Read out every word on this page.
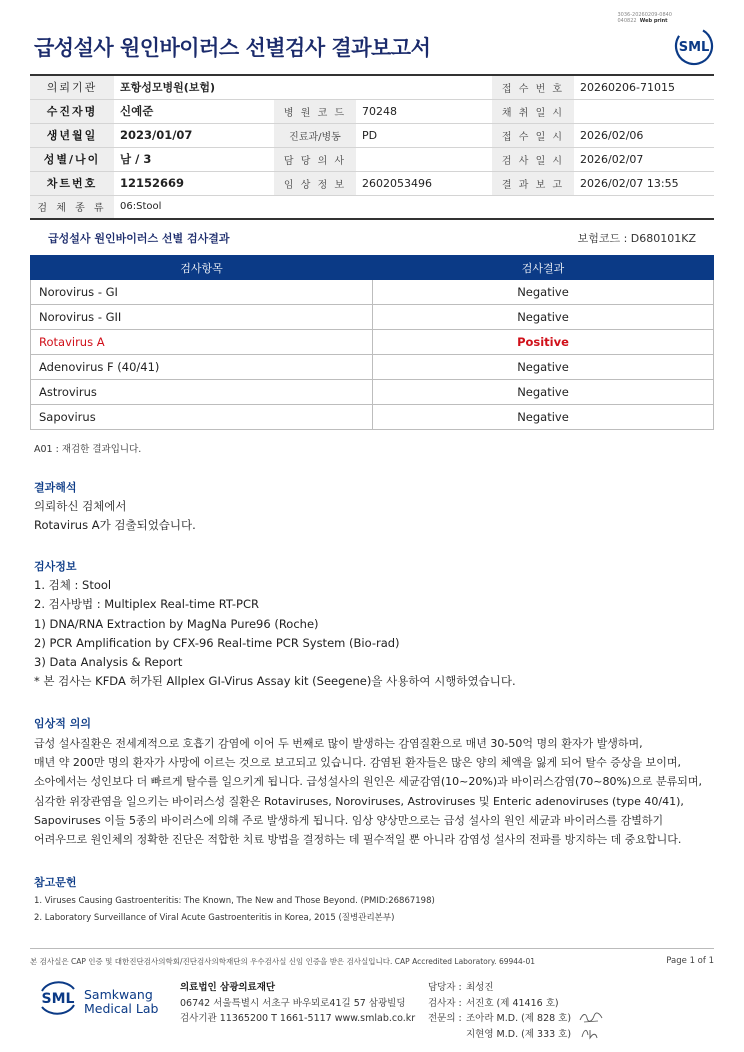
3036-20260209-0840
040822 Web print
급성설사 원인바이러스 선별검사 결과보고서	SML
의뢰기관	포항성모병원(보험)			접 수 번 호	20260206-71015
수진자명	신예준	병 원 코 드	70248	채 취 일 시	
생년월일	2023/01/07	진료과/병동	PD	접 수 일 시	2026/02/06
성별/나이	남 / 3	담 당 의 사		검 사 일 시	2026/02/07
차트번호	12152669	임 상 정 보	2602053496	결 과 보 고	2026/02/07 13:55
검 체 종 류	06:Stool				
급성설사 원인바이러스 선별 검사결과	보험코드 : D680101KZ
검사항목	검사결과
Norovirus - GI	Negative
Norovirus - GII	Negative
Rotavirus A	Positive
Adenovirus F (40/41)	Negative
Astrovirus	Negative
Sapovirus	Negative
A01 : 재검한 결과입니다.
결과해석
의뢰하신 검체에서
Rotavirus A가 검출되었습니다.
검사정보
1. 검체 : Stool
2. 검사방법 : Multiplex Real-time RT-PCR
1) DNA/RNA Extraction by MagNa Pure96 (Roche)
2) PCR Amplification by CFX-96 Real-time PCR System (Bio-rad)
3) Data Analysis & Report
* 본 검사는 KFDA 허가된 Allplex GI-Virus Assay kit (Seegene)을 사용하여 시행하였습니다.
임상적 의의
급성 설사질환은 전세계적으로 호흡기 감염에 이어 두 번째로 많이 발생하는 감염질환으로 매년 30-50억 명의 환자가 발생하며,
매년 약 200만 명의 환자가 사망에 이르는 것으로 보고되고 있습니다. 감염된 환자들은 많은 양의 체액을 잃게 되어 탈수 증상을 보이며,
소아에서는 성인보다 더 빠르게 탈수를 일으키게 됩니다. 급성설사의 원인은 세균감염(10~20%)과 바이러스감염(70~80%)으로 분류되며,
심각한 위장관염을 일으키는 바이러스성 질환은 Rotaviruses, Noroviruses, Astroviruses 및 Enteric adenoviruses (type 40/41),
Sapoviruses 이들 5종의 바이러스에 의해 주로 발생하게 됩니다. 임상 양상만으로는 급성 설사의 원인 세균과 바이러스를 감별하기
어려우므로 원인체의 정확한 진단은 적합한 치료 방법을 결정하는 데 필수적일 뿐 아니라 감염성 설사의 전파를 방지하는 데 중요합니다.
참고문헌
1. Viruses Causing Gastroenteritis: The Known, The New and Those Beyond. (PMID:26867198)
2. Laboratory Surveillance of Viral Acute Gastroenteritis in Korea, 2015 (질병관리본부)
본 검사실은 CAP 인증 및 대한진단검사의학회/진단검사의학재단의 우수검사실 신임 인증을 받은 검사실입니다. CAP Accredited Laboratory. 69944-01	Page 1 of 1
SML Samkwang
Medical Lab
의료법인 삼광의료재단
06742 서울특별시 서초구 바우뫼로41길 57 삼광빌딩
검사기관 11365200 T 1661-5117 www.smlab.co.kr
담당자 : 최성진
검사자 : 서진호 (제 41416 호)
전문의 : 조아라 M.D. (제 828 호)
지현영 M.D. (제 333 호)
